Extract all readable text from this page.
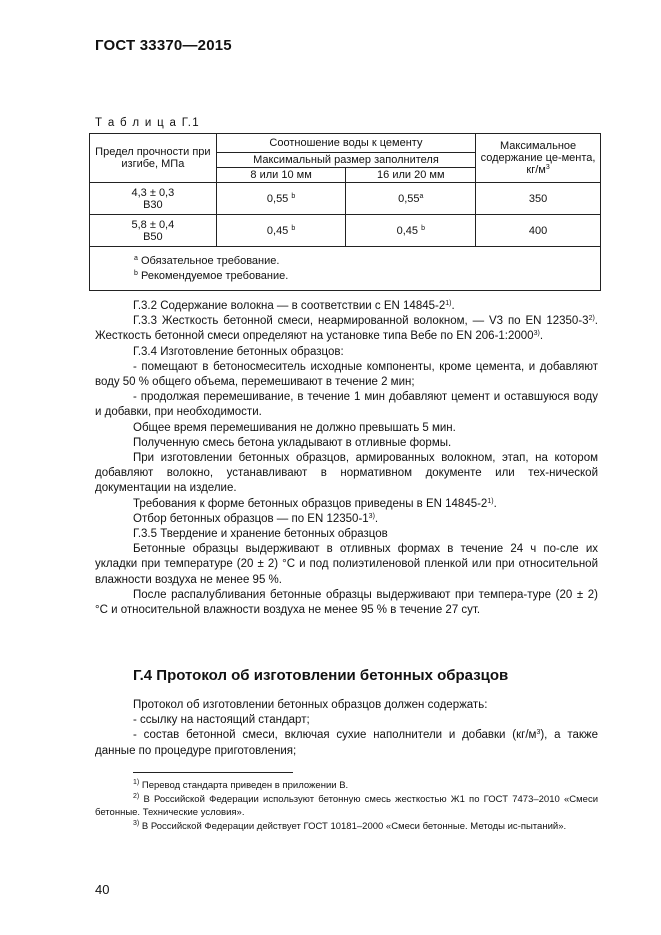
ГОСТ 33370—2015
Т а б л и ц а Г.1
Предел прочности при изгибе, МПа	Соотношение воды к цементу		Максимальное содержание це-мента, $кг/м^3$
	Максимальный размер заполнителя		
	8 или 10 мм	16 или 20 мм	
4,3 ± 0,3
В30	0,55 $^b$	0,55$^a$	350
5,8 ± 0,4
В50	0,45 $^b$	0,45 $^b$	400

$^a$ Обязательное требование.
$^b$ Рекомендуемое требование.			

Г.3.2 Содержание волокна — в соответствии с EN 14845-2$^{1)}$.

Г.3.3 Жесткость бетонной смеси, неармированной волокном, — V3 по EN 12350-3$^{2)}$. Жесткость бетонной смеси определяют на установке типа Вебе по EN 206-1:2000$^{3)}$.

Г.3.4 Изготовление бетонных образцов:

- помещают в бетоносмеситель исходные компоненты, кроме цемента, и добавляют воду 50 % общего объема, перемешивают в течение 2 мин;

- продолжая перемешивание, в течение 1 мин добавляют цемент и оставшуюся воду и добавки, при необходимости.

Общее время перемешивания не должно превышать 5 мин.

Полученную смесь бетона укладывают в отливные формы.

При изготовлении бетонных образцов, армированных волокном, этап, на котором добавляют волокно, устанавливают в нормативном документе или тех-нической документации на изделие.

Требования к форме бетонных образцов приведены в EN 14845-2$^{1)}$.

Отбор бетонных образцов — по EN 12350-1$^{3)}$.

Г.3.5 Твердение и хранение бетонных образцов

Бетонные образцы выдерживают в отливных формах в течение 24 ч по-сле их укладки при температуре (20 ± 2) °С и под полиэтиленовой пленкой или при относительной влажности воздуха не менее 95 %.

После распалубливания бетонные образцы выдерживают при темпера-туре (20 ± 2) °С и относительной влажности воздуха не менее 95 % в течение 27 сут.

Г.4 Протокол об изготовлении бетонных образцов

Протокол об изготовлении бетонных образцов должен содержать:

- ссылку на настоящий стандарт;

- состав бетонной смеси, включая сухие наполнители и добавки $(кг/м^3)$, а также данные по процедуре приготовления;

$^{1)}$ Перевод стандарта приведен в приложении В.

$^{2)}$ В Российской Федерации используют бетонную смесь жесткостью Ж1 по ГОСТ 7473–2010 «Смеси бетонные. Технические условия».

$^{3)}$ В Российской Федерации действует ГОСТ 10181–2000 «Смеси бетонные. Методы ис-пытаний».

40
